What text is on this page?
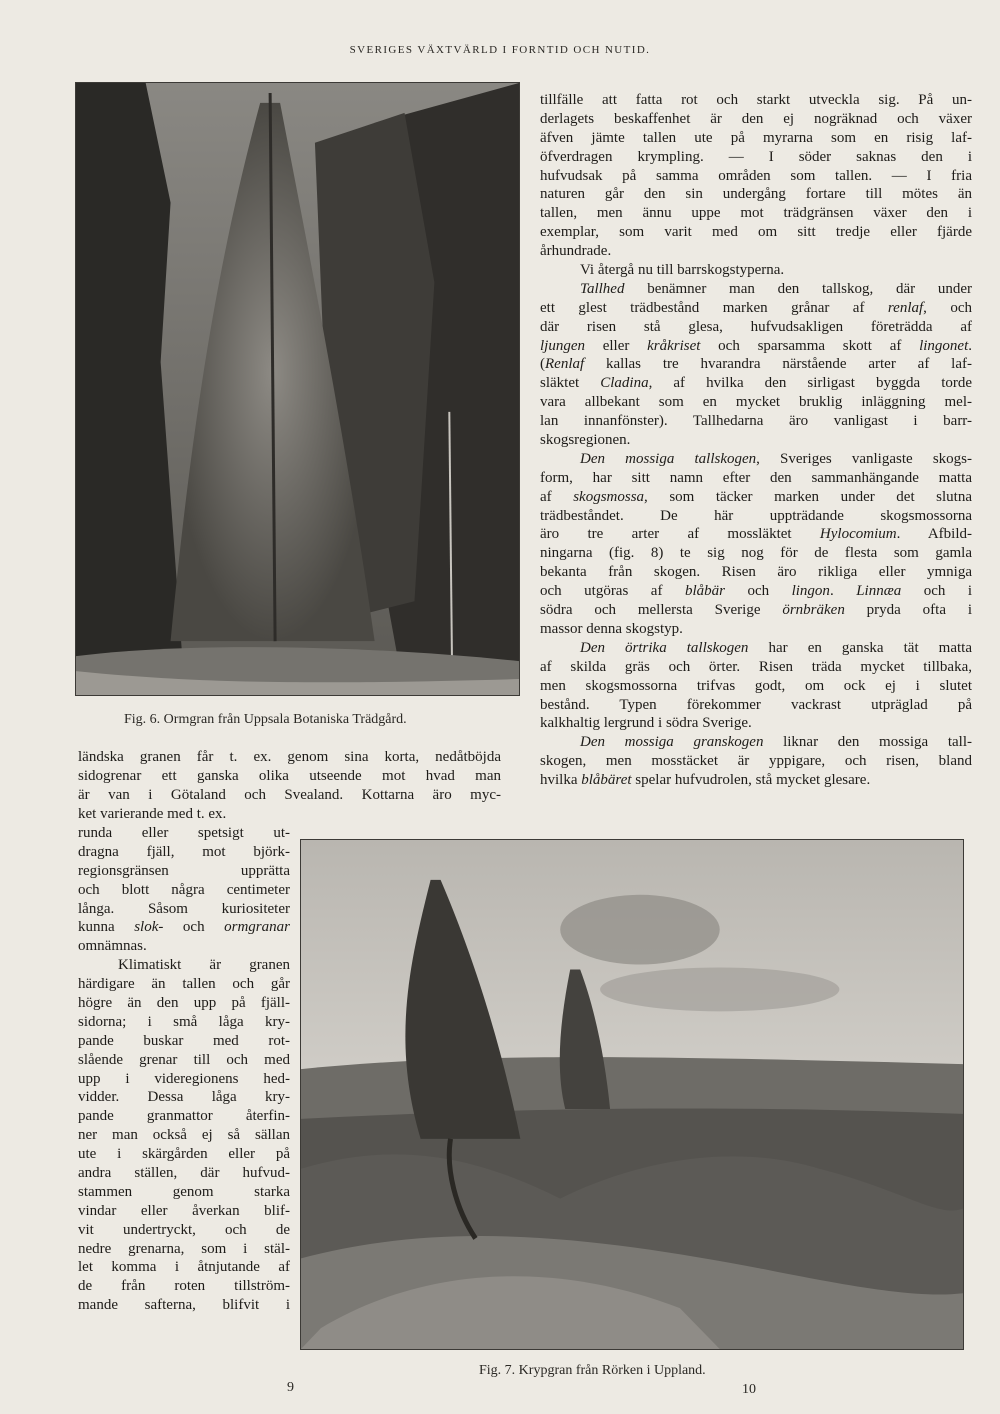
SVERIGES VÄXTVÄRLD I FORNTID OCH NUTID.
Fig. 6. Ormgran från Uppsala Botaniska Trädgård.
tillfälle att fatta rot och starkt utveckla sig. På un-
derlagets beskaffenhet är den ej nogräknad och växer
äfven jämte tallen ute på myrarna som en risig laf-
öfverdragen krympling. — I söder saknas den i
hufvudsak på samma områden som tallen. — I fria
naturen går den sin undergång fortare till mötes än
tallen, men ännu uppe mot trädgränsen växer den i
exemplar, som varit med om sitt tredje eller fjärde
århundrade.
Vi återgå nu till barrskogstyperna.
Tallhed benämner man den tallskog, där under
ett glest trädbestånd marken grånar af renlaf, och
där risen stå glesa, hufvudsakligen företrädda af
ljungen eller kråkriset och sparsamma skott af lingonet.
(Renlaf kallas tre hvarandra närstående arter af laf-
släktet Cladina, af hvilka den sirligast byggda torde
vara allbekant som en mycket bruklig inläggning mel-
lan innanfönster). Tallhedarna äro vanligast i barr-
skogsregionen.
Den mossiga tallskogen, Sveriges vanligaste skogs-
form, har sitt namn efter den sammanhängande matta
af skogsmossa, som täcker marken under det slutna
trädbeståndet. De här uppträdande skogsmossorna
äro tre arter af mossläktet Hylocomium. Afbild-
ningarna (fig. 8) te sig nog för de flesta som gamla
bekanta från skogen. Risen äro rikliga eller ymniga
och utgöras af blåbär och lingon. Linnæa och i
södra och mellersta Sverige örnbräken pryda ofta i
massor denna skogstyp.
Den örtrika tallskogen har en ganska tät matta
af skilda gräs och örter. Risen träda mycket tillbaka,
men skogsmossorna trifvas godt, om ock ej i slutet
bestånd. Typen förekommer vackrast utpräglad på
kalkhaltig lergrund i södra Sverige.
Den mossiga granskogen liknar den mossiga tall-
skogen, men mosstäcket är yppigare, och risen, bland
hvilka blåbäret spelar hufvudrolen, stå mycket glesare.
ländska granen får t. ex. genom sina korta, nedåtböjda
sidogrenar ett ganska olika utseende mot hvad man
är van i Götaland och Svealand. Kottarna äro myc-
ket varierande med t. ex.
runda eller spetsigt ut-
dragna fjäll, mot björk-
regionsgränsen upprätta
och blott några centimeter
långa. Såsom kuriositeter
kunna slok- och ormgranar
omnämnas.
Klimatiskt är granen
härdigare än tallen och går
högre än den upp på fjäll-
sidorna; i små låga kry-
pande buskar med rot-
slående grenar till och med
upp i videregionens hed-
vidder. Dessa låga kry-
pande granmattor återfin-
ner man också ej så sällan
ute i skärgården eller på
andra ställen, där hufvud-
stammen genom starka
vindar eller åverkan blif-
vit undertryckt, och de
nedre grenarna, som i stäl-
let komma i åtnjutande af
de från roten tillström-
mande safterna, blifvit i
Fig. 7. Krypgran från Rörken i Uppland.
9	10
